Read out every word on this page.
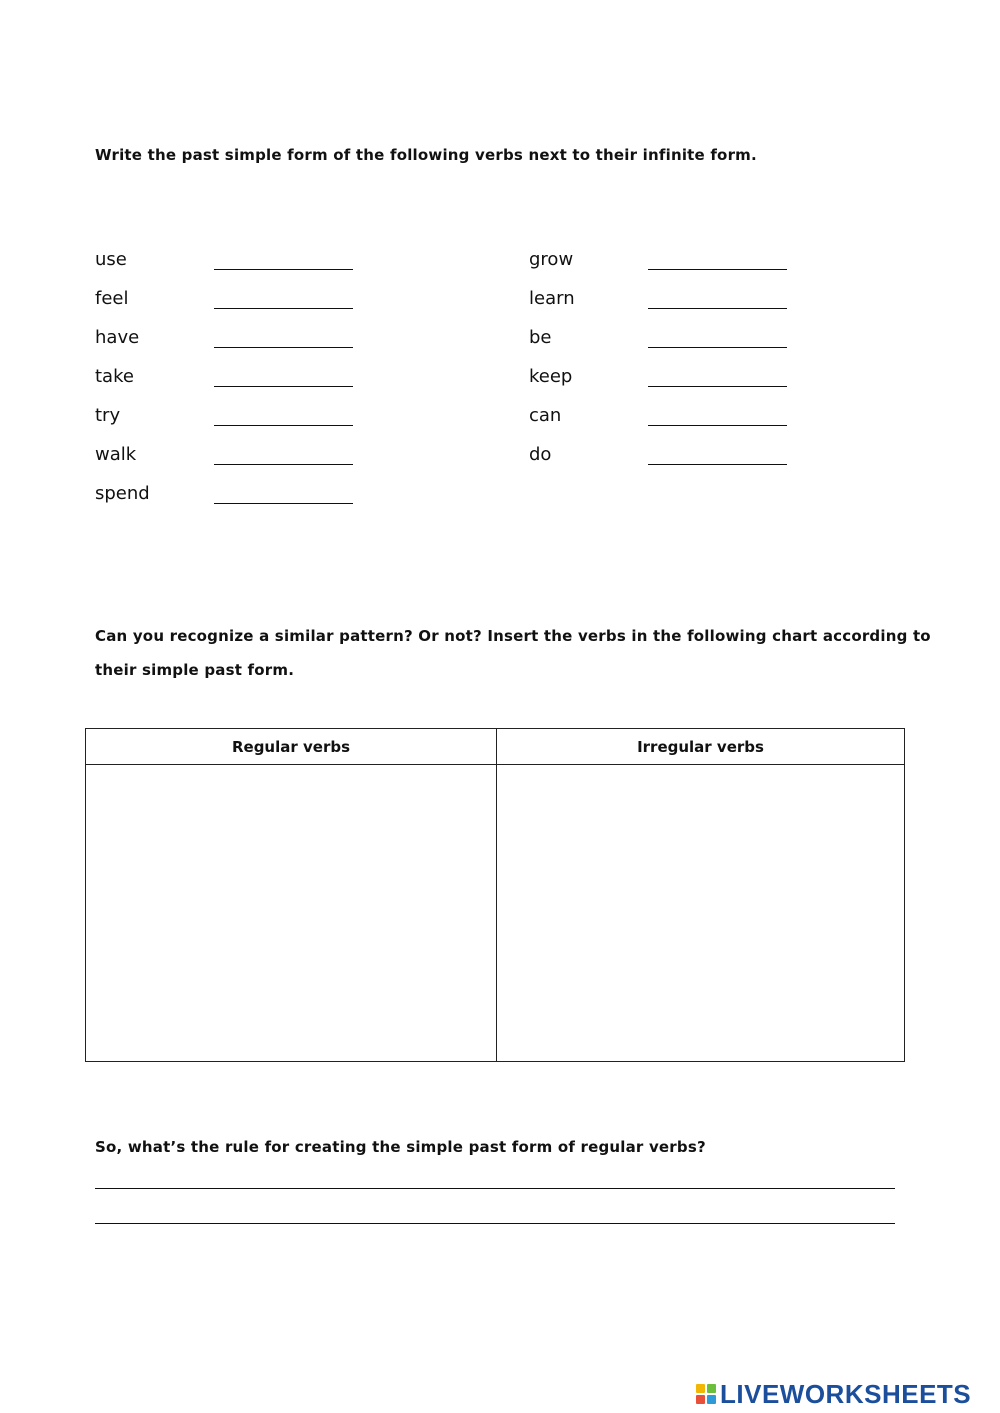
Write the past simple form of the following verbs next to their infinite form.

use
feel
have
take
try
walk
spend
grow
learn
be
keep
can
do

Can you recognize a similar pattern? Or not? Insert the verbs in the following chart according to

their simple past form.

Regular verbs	Irregular verbs

So, what’s the rule for creating the simple past form of regular verbs?

LIVEWORKSHEETS
